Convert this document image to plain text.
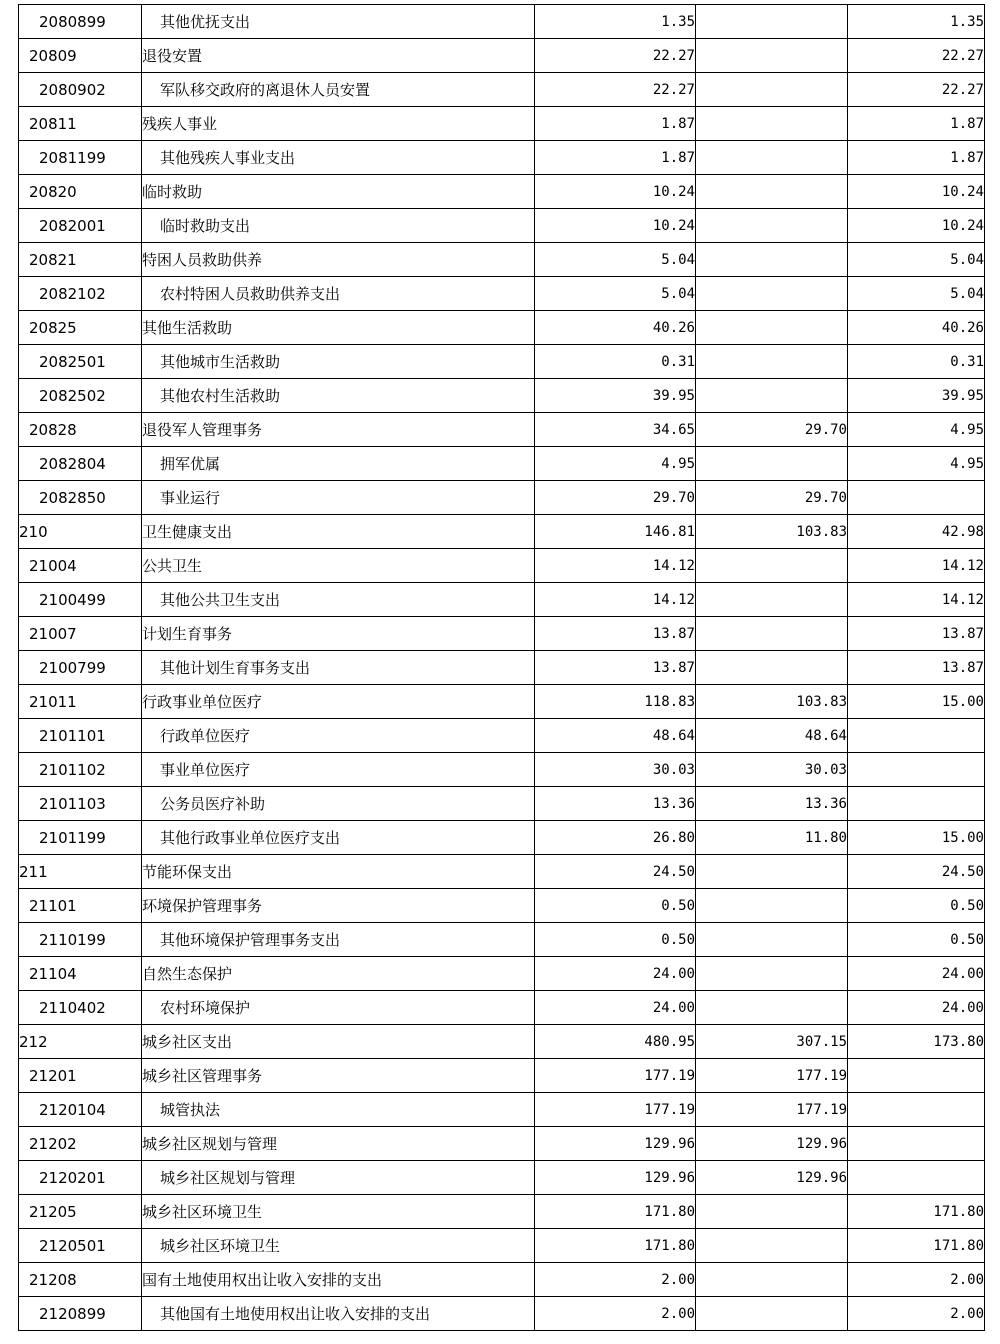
2080899	其他优抚支出	1.35		1.35
20809	退役安置	22.27		22.27
2080902	军队移交政府的离退休人员安置	22.27		22.27
20811	残疾人事业	1.87		1.87
2081199	其他残疾人事业支出	1.87		1.87
20820	临时救助	10.24		10.24
2082001	临时救助支出	10.24		10.24
20821	特困人员救助供养	5.04		5.04
2082102	农村特困人员救助供养支出	5.04		5.04
20825	其他生活救助	40.26		40.26
2082501	其他城市生活救助	0.31		0.31
2082502	其他农村生活救助	39.95		39.95
20828	退役军人管理事务	34.65	29.70	4.95
2082804	拥军优属	4.95		4.95
2082850	事业运行	29.70	29.70	
210	卫生健康支出	146.81	103.83	42.98
21004	公共卫生	14.12		14.12
2100499	其他公共卫生支出	14.12		14.12
21007	计划生育事务	13.87		13.87
2100799	其他计划生育事务支出	13.87		13.87
21011	行政事业单位医疗	118.83	103.83	15.00
2101101	行政单位医疗	48.64	48.64	
2101102	事业单位医疗	30.03	30.03	
2101103	公务员医疗补助	13.36	13.36	
2101199	其他行政事业单位医疗支出	26.80	11.80	15.00
211	节能环保支出	24.50		24.50
21101	环境保护管理事务	0.50		0.50
2110199	其他环境保护管理事务支出	0.50		0.50
21104	自然生态保护	24.00		24.00
2110402	农村环境保护	24.00		24.00
212	城乡社区支出	480.95	307.15	173.80
21201	城乡社区管理事务	177.19	177.19	
2120104	城管执法	177.19	177.19	
21202	城乡社区规划与管理	129.96	129.96	
2120201	城乡社区规划与管理	129.96	129.96	
21205	城乡社区环境卫生	171.80		171.80
2120501	城乡社区环境卫生	171.80		171.80
21208	国有土地使用权出让收入安排的支出	2.00		2.00
2120899	其他国有土地使用权出让收入安排的支出	2.00		2.00
